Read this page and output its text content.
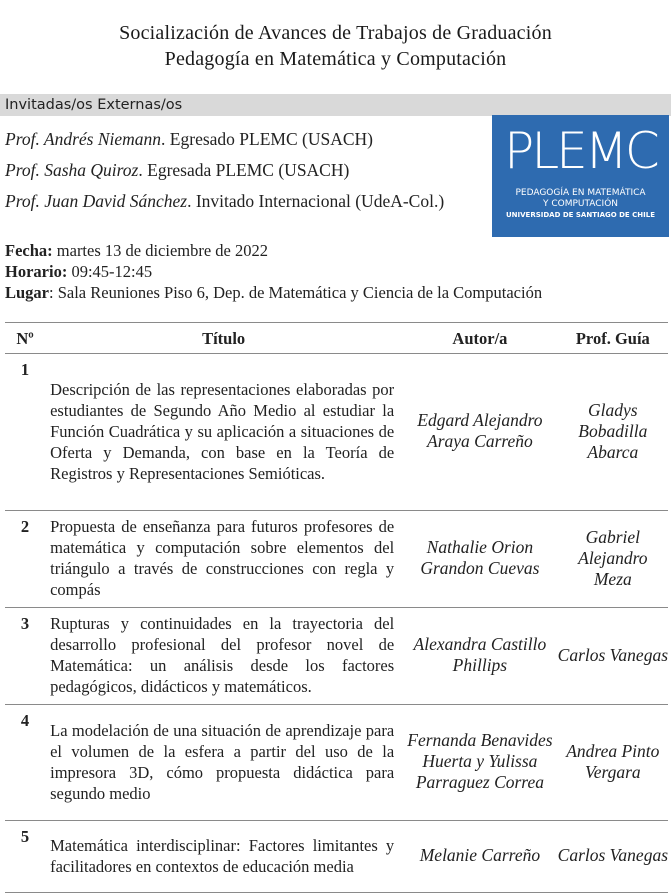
Socialización de Avances de Trabajos de Graduación
Pedagogía en Matemática y Computación
Invitadas/os Externas/os
Prof. Andrés Niemann. Egresado PLEMC (USACH)
Prof. Sasha Quiroz. Egresada PLEMC (USACH)
Prof. Juan David Sánchez. Invitado Internacional (UdeA-Col.)
PLEMC
PEDAGOGÍA EN MATEMÁTICA
Y COMPUTACIÓN
UNIVERSIDAD DE SANTIAGO DE CHILE
Fecha: martes 13 de diciembre de 2022
Horario: 09:45-12:45
Lugar: Sala Reuniones Piso 6, Dep. de Matemática y Ciencia de la Computación
Nº	Título	Autor/a	Prof. Guía
1	Descripción de las representaciones elaboradas por estudiantes de Segundo Año Medio al estudiar la Función Cuadrática y su aplicación a situaciones de Oferta y Demanda, con base en la Teoría de Registros y Representaciones Semióticas.	Edgard Alejandro Araya Carreño	Gladys Bobadilla Abarca
2	Propuesta de enseñanza para futuros profesores de matemática y computación sobre elementos del triángulo a través de construcciones con regla y compás	Nathalie Orion Grandon Cuevas	Gabriel Alejandro Meza
3	Rupturas y continuidades en la trayectoria del desarrollo profesional del profesor novel de Matemática: un análisis desde los factores pedagógicos, didácticos y matemáticos.	Alexandra Castillo Phillips	Carlos Vanegas
4	La modelación de una situación de aprendizaje para el volumen de la esfera a partir del uso de la impresora 3D, cómo propuesta didáctica para segundo medio	Fernanda Benavides Huerta y Yulissa Parraguez Correa	Andrea Pinto Vergara
5	Matemática interdisciplinar: Factores limitantes y facilitadores en contextos de educación media	Melanie Carreño	Carlos Vanegas
